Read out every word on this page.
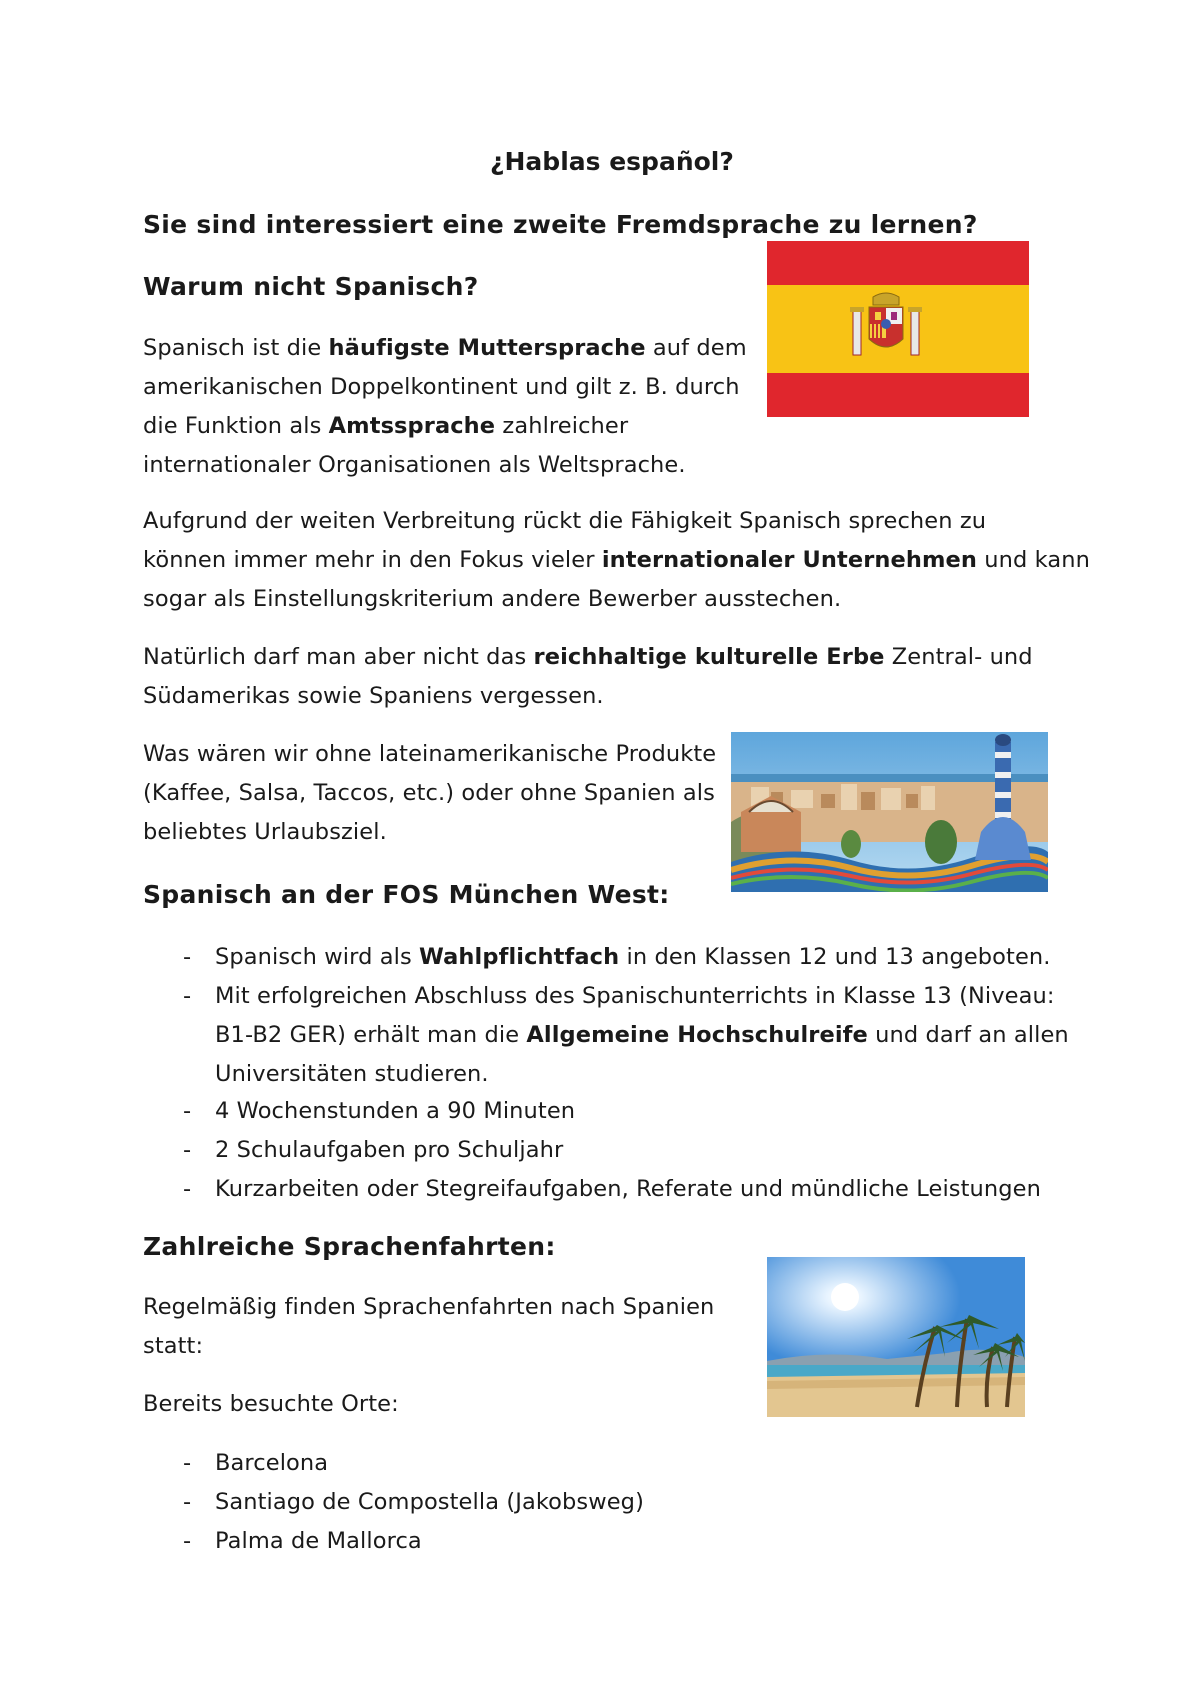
¿Hablas español?
Sie sind interessiert eine zweite Fremdsprache zu lernen?
Warum nicht Spanisch?
Spanisch ist die häufigste Muttersprache auf dem
amerikanischen Doppelkontinent und gilt z. B. durch
die Funktion als Amtssprache zahlreicher
internationaler Organisationen als Weltsprache.
Aufgrund der weiten Verbreitung rückt die Fähigkeit Spanisch sprechen zu
können immer mehr in den Fokus vieler internationaler Unternehmen und kann
sogar als Einstellungskriterium andere Bewerber ausstechen.
Natürlich darf man aber nicht das reichhaltige kulturelle Erbe Zentral- und
Südamerikas sowie Spaniens vergessen.
Was wären wir ohne lateinamerikanische Produkte
(Kaffee, Salsa, Taccos, etc.) oder ohne Spanien als
beliebtes Urlaubsziel.
Spanisch an der FOS München West:
- Spanisch wird als Wahlpflichtfach in den Klassen 12 und 13 angeboten.
- Mit erfolgreichen Abschluss des Spanischunterrichts in Klasse 13 (Niveau:
B1-B2 GER) erhält man die Allgemeine Hochschulreife und darf an allen
Universitäten studieren.
- 4 Wochenstunden a 90 Minuten
- 2 Schulaufgaben pro Schuljahr
- Kurzarbeiten oder Stegreifaufgaben, Referate und mündliche Leistungen
Zahlreiche Sprachenfahrten:
Regelmäßig finden Sprachenfahrten nach Spanien
statt:
Bereits besuchte Orte:
- Barcelona
- Santiago de Compostella (Jakobsweg)
- Palma de Mallorca
